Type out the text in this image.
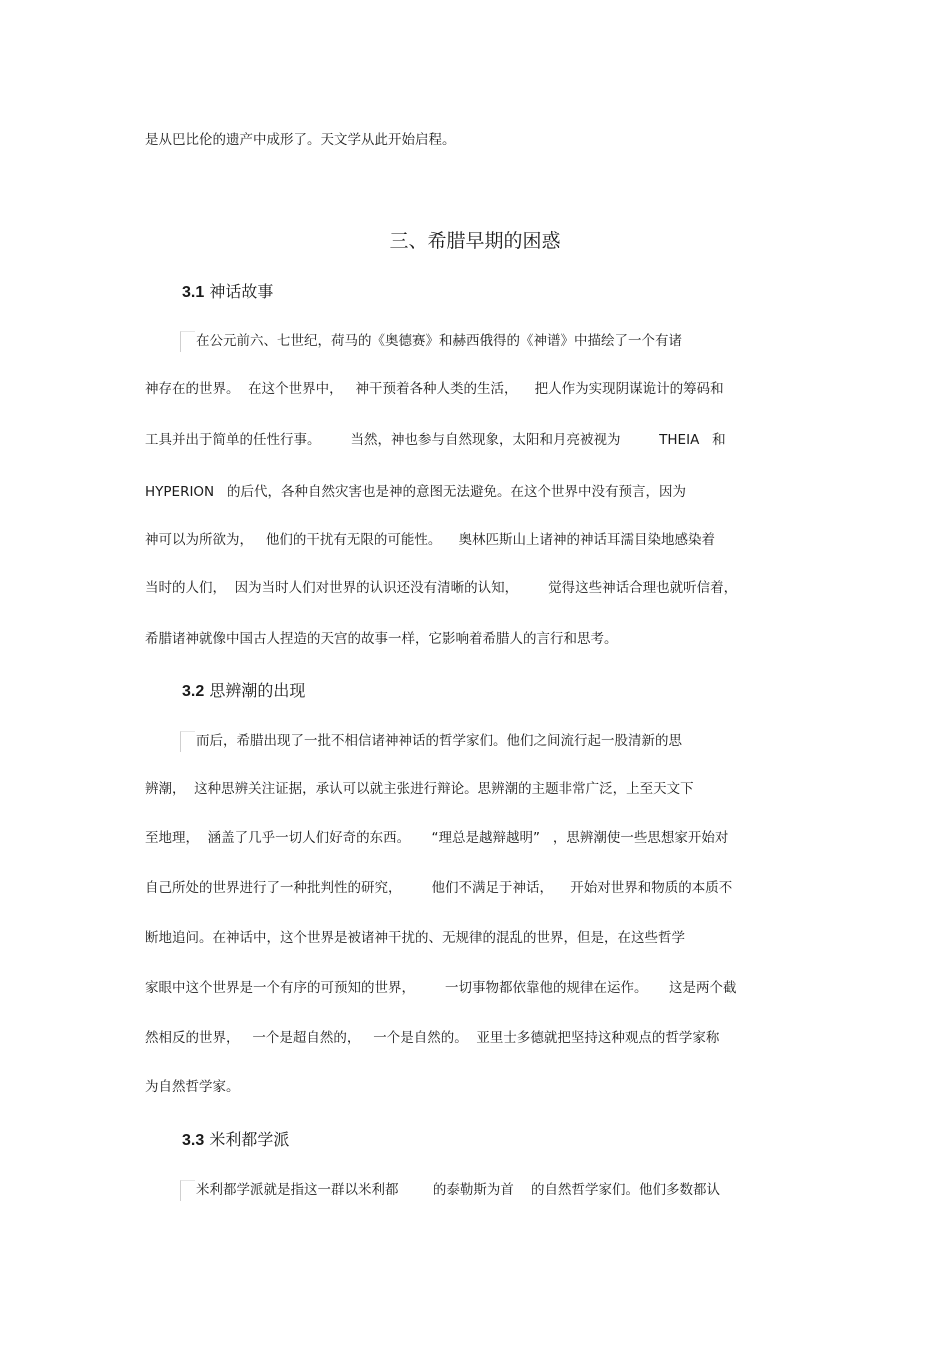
是从巴比伦的遗产中成形了。天文学从此开始启程。
三、希腊早期的困惑
3.1 神话故事
在公元前六、七世纪，荷马的《奥德赛》和赫西俄得的《神谱》中描绘了一个有诸
神存在的世界。  在这个世界中，   神干预着各种人类的生活，    把人作为实现阴谋诡计的筹码和
工具并出于简单的任性行事。       当然，神也参与自然现象，太阳和月亮被视为         THEIA   和
HYPERION   的后代，各种自然灾害也是神的意图无法避免。在这个世界中没有预言，因为
神可以为所欲为，   他们的干扰有无限的可能性。    奥林匹斯山上诸神的神话耳濡目染地感染着
当时的人们，  因为当时人们对世界的认识还没有清晰的认知，       觉得这些神话合理也就听信着，
希腊诸神就像中国古人捏造的天宫的故事一样，它影响着希腊人的言行和思考。
3.2 思辨潮的出现
而后，希腊出现了一批不相信诸神神话的哲学家们。他们之间流行起一股清新的思
辨潮，  这种思辨关注证据，承认可以就主张进行辩论。思辨潮的主题非常广泛，上至天文下
至地理，  涵盖了几乎一切人们好奇的东西。     “理总是越辩越明”   ，思辨潮使一些思想家开始对
自己所处的世界进行了一种批判性的研究，       他们不满足于神话，    开始对世界和物质的本质不
断地追问。在神话中，这个世界是被诸神干扰的、无规律的混乱的世界，但是，在这些哲学
家眼中这个世界是一个有序的可预知的世界，       一切事物都依靠他的规律在运作。     这是两个截
然相反的世界，   一个是超自然的，   一个是自然的。  亚里士多德就把坚持这种观点的哲学家称
为自然哲学家。
3.3 米利都学派
米利都学派就是指这一群以米利都        的泰勒斯为首    的自然哲学家们。他们多数都认
